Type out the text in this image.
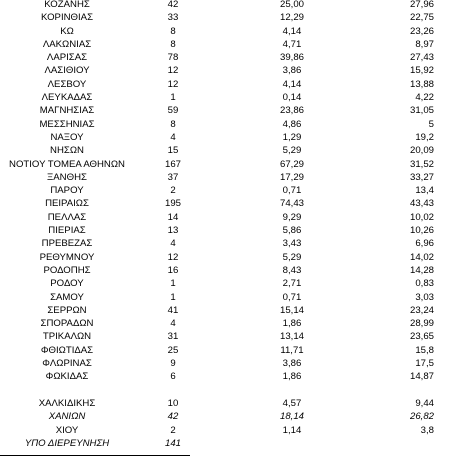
ΚΟΖΑΝΗΣ	42	25,00	27,96
ΚΟΡΙΝΘΙΑΣ	33	12,29	22,75
ΚΩ	8	4,14	23,26
ΛΑΚΩΝΙΑΣ	8	4,71	8,97
ΛΑΡΙΣΑΣ	78	39,86	27,43
ΛΑΣΙΘΙΟΥ	12	3,86	15,92
ΛΕΣΒΟΥ	12	4,14	13,88
ΛΕΥΚΑΔΑΣ	1	0,14	4,22
ΜΑΓΝΗΣΙΑΣ	59	23,86	31,05
ΜΕΣΣΗΝΙΑΣ	8	4,86	5
ΝΑΞΟΥ	4	1,29	19,2
ΝΗΣΩΝ	15	5,29	20,09
ΝΟΤΙΟΥ ΤΟΜΕΑ ΑΘΗΝΩΝ	167	67,29	31,52
ΞΑΝΘΗΣ	37	17,29	33,27
ΠΑΡΟΥ	2	0,71	13,4
ΠΕΙΡΑΙΩΣ	195	74,43	43,43
ΠΕΛΛΑΣ	14	9,29	10,02
ΠΙΕΡΙΑΣ	13	5,86	10,26
ΠΡΕΒΕΖΑΣ	4	3,43	6,96
ΡΕΘΥΜΝΟΥ	12	5,29	14,02
ΡΟΔΟΠΗΣ	16	8,43	14,28
ΡΟΔΟΥ	1	2,71	0,83
ΣΑΜΟΥ	1	0,71	3,03
ΣΕΡΡΩΝ	41	15,14	23,24
ΣΠΟΡΑΔΩΝ	4	1,86	28,99
ΤΡΙΚΑΛΩΝ	31	13,14	23,65
ΦΘΙΩΤΙΔΑΣ	25	11,71	15,8
ΦΛΩΡΙΝΑΣ	9	3,86	17,5
ΦΩΚΙΔΑΣ	6	1,86	14,87
ΧΑΛΚΙΔΙΚΗΣ	10	4,57	9,44
ΧΑΝΙΩΝ	42	18,14	26,82
ΧΙΟΥ	2	1,14	3,8
ΥΠΟ ΔΙΕΡΕΥΝΗΣΗ	141
